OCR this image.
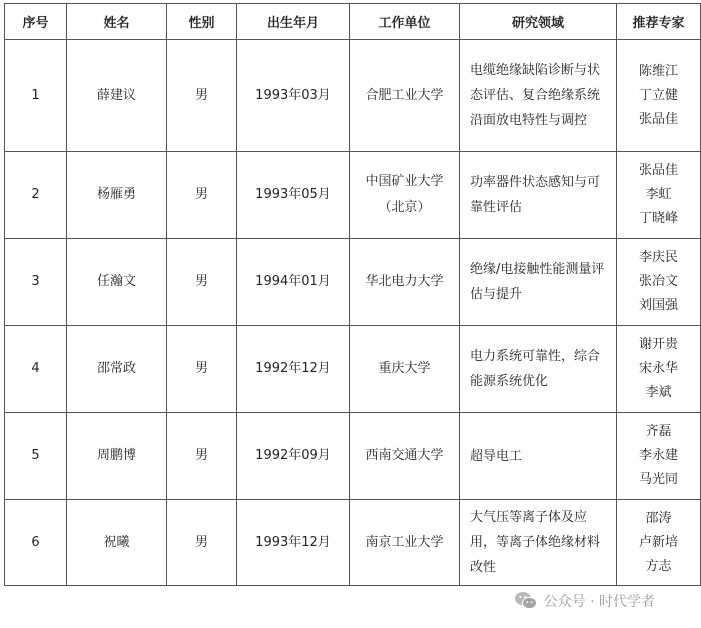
序号	姓名	性别	出生年月	工作单位	研究领域	推荐专家
1	薛建议	男	1993年03月	合肥工业大学	电缆绝缘缺陷诊断与状态评估、复合绝缘系统沿面放电特性与调控	陈维江
丁立健
张品佳

2	杨雁勇	男	1993年05月	中国矿业大学（北京）	功率器件状态感知与可靠性评估	张品佳
李虹
丁晓峰

3	任瀚文	男	1994年01月	华北电力大学	绝缘/电接触性能测量评估与提升	李庆民
张冶文
刘国强

4	邵常政	男	1992年12月	重庆大学	电力系统可靠性，综合能源系统优化	谢开贵
宋永华
李斌

5	周鹏博	男	1992年09月	西南交通大学	超导电工	齐磊
李永建
马光同

6	祝曦	男	1993年12月	南京工业大学	大气压等离子体及应用，等离子体绝缘材料改性	邵涛
卢新培
方志
公众号 · 时代学者
